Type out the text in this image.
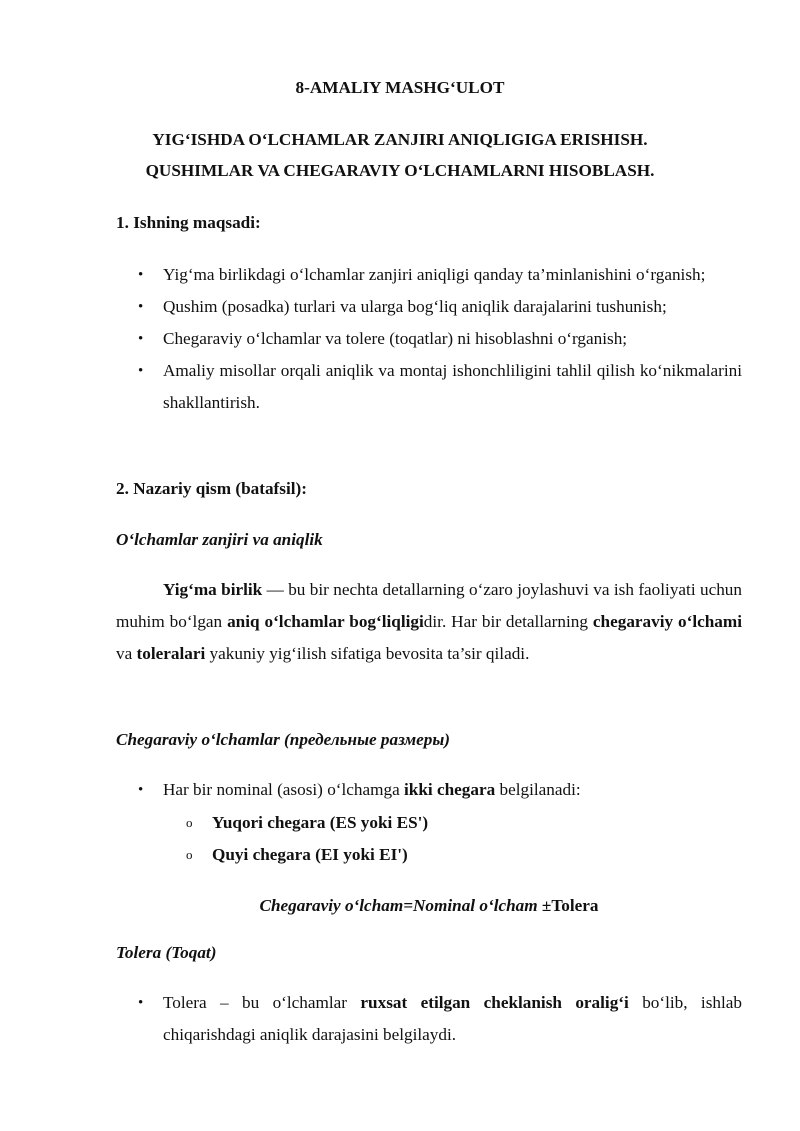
8-AMALIY MASHG‘ULOT
YIG‘ISHDA O‘LCHAMLAR ZANJIRI ANIQLIGIGA ERISHISH.
QUSHIMLAR VA CHEGARAVIY O‘LCHAMLARNI HISOBLASH.
1. Ishning maqsadi:
• Yig‘ma birlikdagi o‘lchamlar zanjiri aniqligi qanday ta’minlanishini o‘rganish;
• Qushim (posadka) turlari va ularga bog‘liq aniqlik darajalarini tushunish;
• Chegaraviy o‘lchamlar va tolere (toqatlar) ni hisoblashni o‘rganish;
• Amaliy misollar orqali aniqlik va montaj ishonchliligini tahlil qilish ko‘nikmalarini shakllantirish.
2. Nazariy qism (batafsil):
O‘lchamlar zanjiri va aniqlik
Yig‘ma birlik — bu bir nechta detallarning o‘zaro joylashuvi va ish faoliyati uchun muhim bo‘lgan aniq o‘lchamlar bog‘liqligidir. Har bir detallarning chegaraviy o‘lchami va toleralari yakuniy yig‘ilish sifatiga bevosita ta’sir qiladi.
Chegaraviy o‘lchamlar (предельные размеры)
• Har bir nominal (asosi) o‘lchamga ikki chegara belgilanadi:
o Yuqori chegara (ES yoki ES')
o Quyi chegara (EI yoki EI')
Chegaraviy o‘lcham=Nominal o‘lcham ±Tolera
Tolera (Toqat)
• Tolera – bu o‘lchamlar ruxsat etilgan cheklanish oralig‘i bo‘lib, ishlab chiqarishdagi aniqlik darajasini belgilaydi.
